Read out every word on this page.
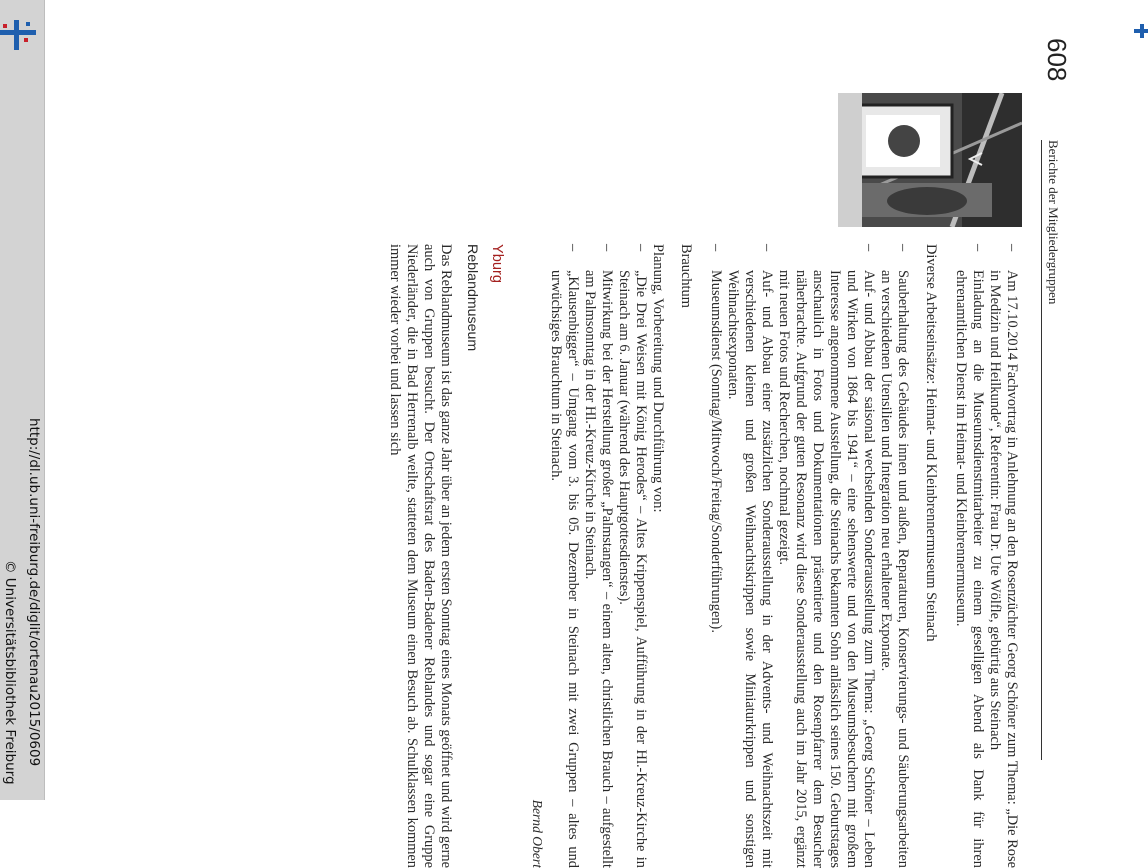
http://dl.ub.uni-freiburg.de/diglit/ortenau2015/0609
© Universitätsbibliothek Freiburg
608
Berichte der Mitgliedergruppen
– Am 17.10.2014 Fachvortrag in Anlehnung an den Rosenzüchter Georg Schöner zum Thema: „Die Rose in Medizin und Heilkunde“, Referentin: Frau Dr. Ute Wölfle, gebürtig aus Steinach
– Einladung an die Museumsdienstmitarbeiter zu einem geselligen Abend als Dank für ihren ehrenamtlichen Dienst im Heimat- und Kleinbrennermuseum.
Diverse Arbeitseinsätze: Heimat- und Kleinbrennermuseum Steinach
– Sauberhaltung des Gebäudes innen und außen, Reparaturen, Konservierungs- und Säuberungsarbeiten an verschiedenen Utensilien und Integration neu erhaltener Exponate.
– Auf- und Abbau der saisonal wechselnden Sonderausstellung zum Thema: „Georg Schöner – Leben und Wirken von 1864 bis 1941“ – eine sehenswerte und von den Museumsbesuchern mit großem Interesse angenommene Ausstellung, die Steinachs bekannten Sohn anlässlich seines 150. Geburtstages anschaulich in Fotos und Dokumentationen präsentierte und den Rosenpfarrer dem Besucher näherbrachte. Aufgrund der guten Resonanz wird diese Sonderausstellung auch im Jahr 2015, ergänzt mit neuen Fotos und Recherchen, nochmal gezeigt.
– Auf- und Abbau einer zusätzlichen Sonderausstellung in der Advents- und Weihnachtszeit mit verschiedenen kleinen und großen Weihnachtskrippen sowie Miniaturkrippen und sonstigen Weihnachtsexponaten.
– Museumsdienst (Sonntag/Mittwoch/Freitag/Sonderführungen).
Brauchtum
Planung, Vorbereitung und Durchführung von:
– „Die Drei Weisen mit König Herodes“ – Altes Krippenspiel, Aufführung in der Hl.-Kreuz-Kirche in Steinach am 6. Januar (während des Hauptgottesdienstes).
– Mitwirkung bei der Herstellung großer „Palmstangen“ – einem alten, christlichen Brauch – aufgestellt am Palmsonntag in der Hl.-Kreuz-Kirche in Steinach.
– „Klausenbigger“ – Umgang vom 3. bis 05. Dezember in Steinach mit zwei Gruppen – altes und urwüchsiges Brauchtum in Steinach.
Bernd Obert
Yburg
Reblandmuseum
Das Reblandmuseum ist das ganze Jahr über an jedem ersten Sonntag eines Monats geöffnet und wird gerne auch von Gruppen besucht. Der Ortschaftsrat des Baden-Badener Reblandes und sogar eine Gruppe Niederländer, die in Bad Herrenalb weilte, statteten dem Museum einen Besuch ab. Schulklassen kommen immer wieder vorbei und lassen sich
